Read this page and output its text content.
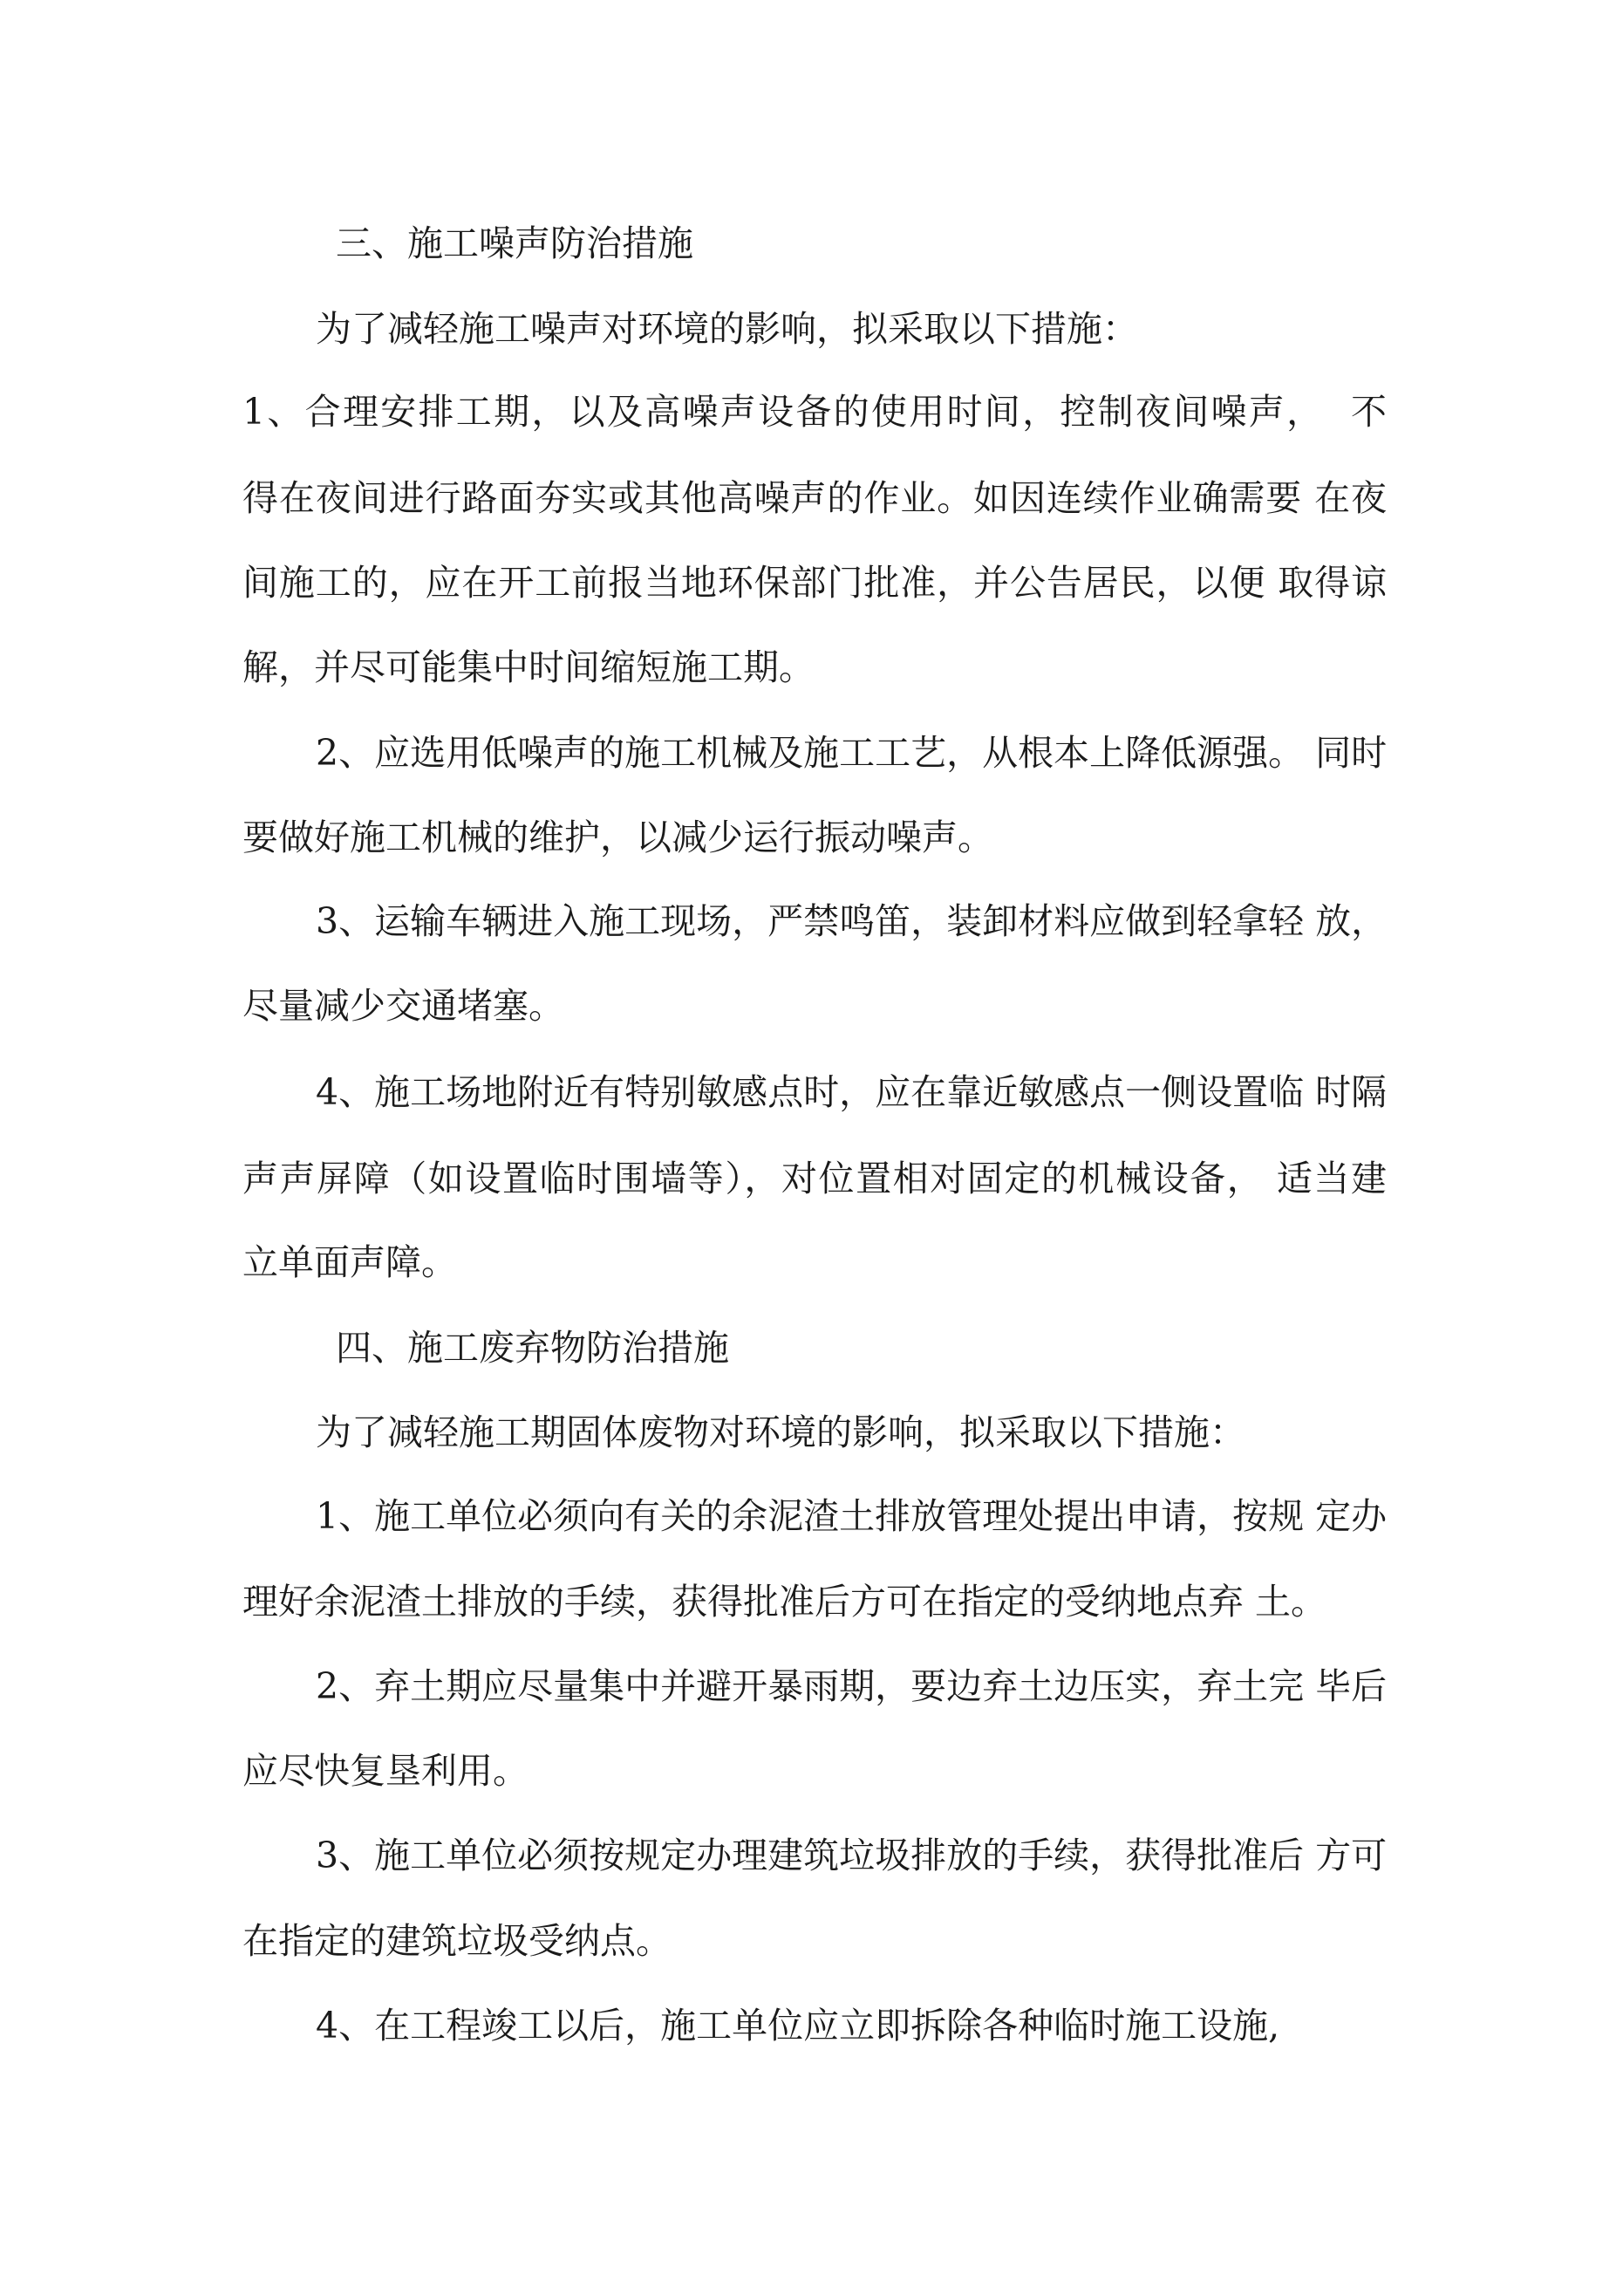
三、施工噪声防治措施

为了减轻施工噪声对环境的影响，拟采取以下措施：

1、合理安排工期，以及高噪声设备的使用时间，控制夜间噪声，  不

得在夜间进行路面夯实或其他高噪声的作业。如因连续作业确需要 在夜

间施工的，应在开工前报当地环保部门批准，并公告居民，以便 取得谅

解，并尽可能集中时间缩短施工期。

2、应选用低噪声的施工机械及施工工艺，从根本上降低源强。 同时

要做好施工机械的维护，以减少运行振动噪声。

3、运输车辆进入施工现场，严禁鸣笛，装卸材料应做到轻拿轻 放，

尽量减少交通堵塞。

4、施工场地附近有特别敏感点时，应在靠近敏感点一侧设置临 时隔

声声屏障（如设置临时围墙等），对位置相对固定的机械设备， 适当建

立单面声障。

四、施工废弃物防治措施

为了减轻施工期固体废物对环境的影响，拟采取以下措施：

1、施工单位必须向有关的余泥渣土排放管理处提出申请，按规 定办

理好余泥渣土排放的手续，获得批准后方可在指定的受纳地点弃 土。

2、弃土期应尽量集中并避开暴雨期，要边弃土边压实，弃土完 毕后

应尽快复垦利用。

3、施工单位必须按规定办理建筑垃圾排放的手续，获得批准后 方可

在指定的建筑垃圾受纳点。

4、在工程竣工以后，施工单位应立即拆除各种临时施工设施,
